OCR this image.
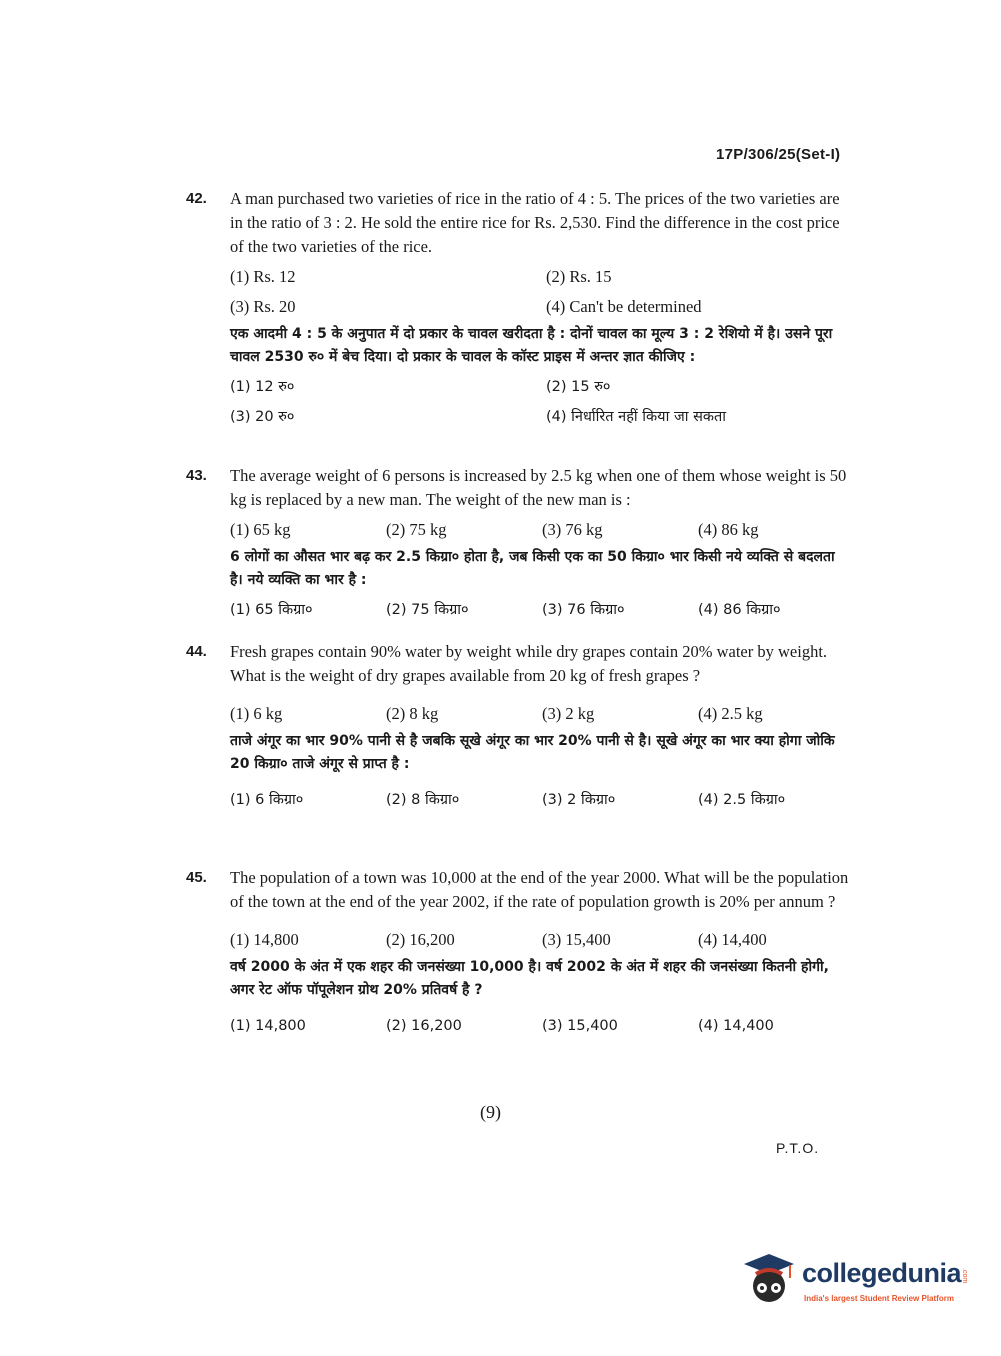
17P/306/25(Set-I)
42. A man purchased two varieties of rice in the ratio of 4 : 5. The prices of the two varieties are in the ratio of 3 : 2. He sold the entire rice for Rs. 2,530. Find the difference in the cost price of the two varieties of the rice.
(1) Rs. 12	(2) Rs. 15
(3) Rs. 20	(4) Can't be determined
एक आदमी 4 : 5 के अनुपात में दो प्रकार के चावल खरीदता है : दोनों चावल का मूल्य 3 : 2 रेशियो में है। उसने पूरा चावल 2530 रु० में बेच दिया। दो प्रकार के चावल के कॉस्ट प्राइस में अन्तर ज्ञात कीजिए :
(1) 12 रु०	(2) 15 रु०
(3) 20 रु०	(4) निर्धारित नहीं किया जा सकता
43. The average weight of 6 persons is increased by 2.5 kg when one of them whose weight is 50 kg is replaced by a new man. The weight of the new man is :
(1) 65 kg	(2) 75 kg	(3) 76 kg	(4) 86 kg
6 लोगों का औसत भार बढ़ कर 2.5 किग्रा० होता है, जब किसी एक का 50 किग्रा० भार किसी नये व्यक्ति से बदलता है। नये व्यक्ति का भार है :
(1) 65 किग्रा०	(2) 75 किग्रा०	(3) 76 किग्रा०	(4) 86 किग्रा०
44. Fresh grapes contain 90% water by weight while dry grapes contain 20% water by weight. What is the weight of dry grapes available from 20 kg of fresh grapes ?
(1) 6 kg	(2) 8 kg	(3) 2 kg	(4) 2.5 kg
ताजे अंगूर का भार 90% पानी से है जबकि सूखे अंगूर का भार 20% पानी से है। सूखे अंगूर का भार क्या होगा जोकि 20 किग्रा० ताजे अंगूर से प्राप्त है :
(1) 6 किग्रा०	(2) 8 किग्रा०	(3) 2 किग्रा०	(4) 2.5 किग्रा०
45. The population of a town was 10,000 at the end of the year 2000. What will be the population of the town at the end of the year 2002, if the rate of population growth is 20% per annum ?
(1) 14,800	(2) 16,200	(3) 15,400	(4) 14,400
वर्ष 2000 के अंत में एक शहर की जनसंख्या 10,000 है। वर्ष 2002 के अंत में शहर की जनसंख्या कितनी होगी, अगर रेट ऑफ पॉपूलेशन ग्रोथ 20% प्रतिवर्ष है ?
(1) 14,800	(2) 16,200	(3) 15,400	(4) 14,400
(9)
P.T.O.
collegedunia .com
India's largest Student Review Platform
